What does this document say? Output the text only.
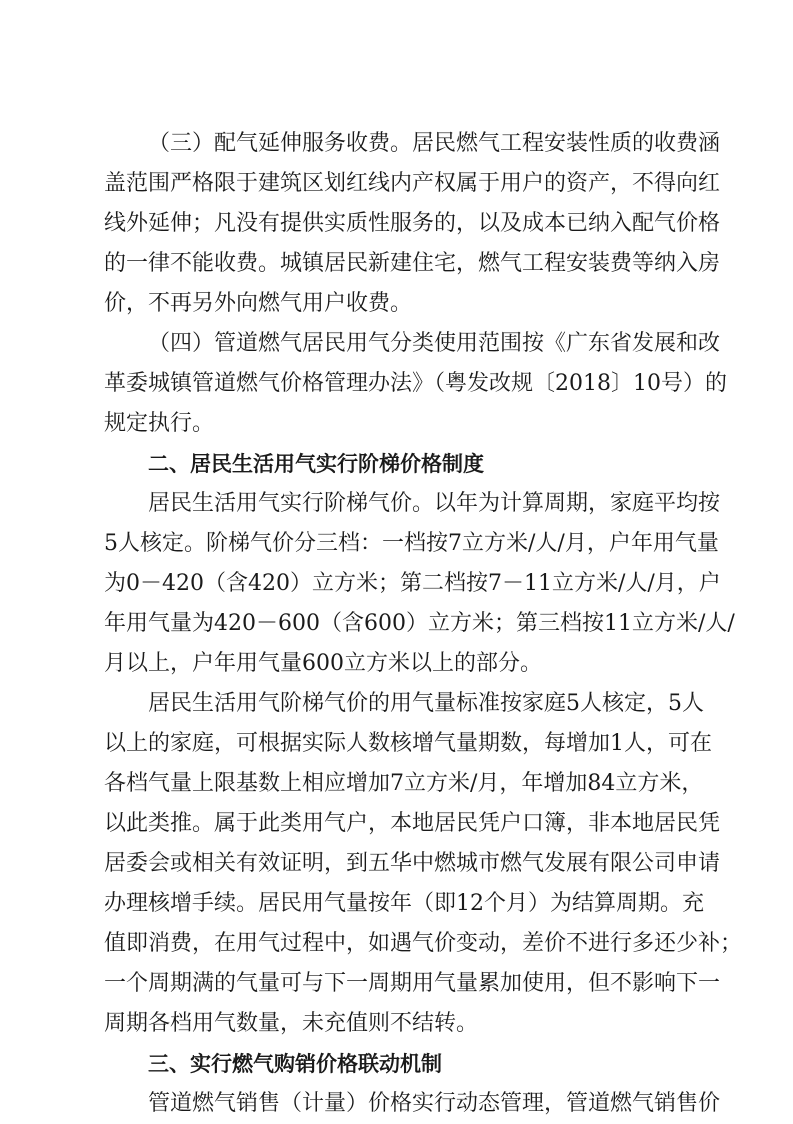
（三）配气延伸服务收费。居民燃气工程安装性质的收费涵
盖范围严格限于建筑区划红线内产权属于用户的资产，不得向红
线外延伸；凡没有提供实质性服务的，以及成本已纳入配气价格
的一律不能收费。城镇居民新建住宅，燃气工程安装费等纳入房
价，不再另外向燃气用户收费。
（四）管道燃气居民用气分类使用范围按《广东省发展和改
革委城镇管道燃气价格管理办法》（粤发改规〔2018〕10号）的
规定执行。
二、居民生活用气实行阶梯价格制度
居民生活用气实行阶梯气价。以年为计算周期，家庭平均按
5人核定。阶梯气价分三档：一档按7立方米/人/月，户年用气量
为0－420（含420）立方米；第二档按7－11立方米/人/月，户
年用气量为420－600（含600）立方米；第三档按11立方米/人/
月以上，户年用气量600立方米以上的部分。
居民生活用气阶梯气价的用气量标准按家庭5人核定，5人
以上的家庭，可根据实际人数核增气量期数，每增加1人，可在
各档气量上限基数上相应增加7立方米/月，年增加84立方米，
以此类推。属于此类用气户，本地居民凭户口簿，非本地居民凭
居委会或相关有效证明，到五华中燃城市燃气发展有限公司申请
办理核增手续。居民用气量按年（即12个月）为结算周期。充
值即消费，在用气过程中，如遇气价变动，差价不进行多还少补；
一个周期满的气量可与下一周期用气量累加使用，但不影响下一
周期各档用气数量，未充值则不结转。
三、实行燃气购销价格联动机制
管道燃气销售（计量）价格实行动态管理，管道燃气销售价
